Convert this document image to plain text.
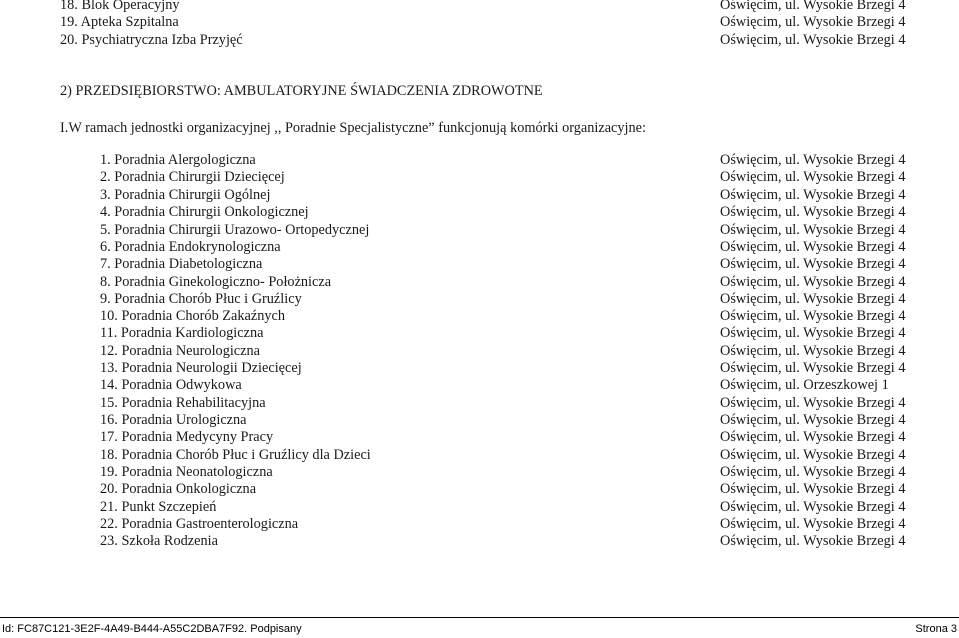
18. Blok Operacyjny	Oświęcim, ul. Wysokie Brzegi 4
19. Apteka Szpitalna	Oświęcim, ul. Wysokie Brzegi 4
20. Psychiatryczna Izba Przyjęć	Oświęcim, ul. Wysokie Brzegi 4
2) PRZEDSIĘBIORSTWO: AMBULATORYJNE ŚWIADCZENIA ZDROWOTNE
I.W ramach jednostki organizacyjnej ,, Poradnie Specjalistyczne” funkcjonują komórki organizacyjne:
1. Poradnia Alergologiczna	Oświęcim, ul. Wysokie Brzegi 4
2. Poradnia Chirurgii Dziecięcej	Oświęcim, ul. Wysokie Brzegi 4
3. Poradnia Chirurgii Ogólnej	Oświęcim, ul. Wysokie Brzegi 4
4. Poradnia Chirurgii Onkologicznej	Oświęcim, ul. Wysokie Brzegi 4
5. Poradnia Chirurgii Urazowo- Ortopedycznej	Oświęcim, ul. Wysokie Brzegi 4
6. Poradnia Endokrynologiczna	Oświęcim, ul. Wysokie Brzegi 4
7. Poradnia Diabetologiczna	Oświęcim, ul. Wysokie Brzegi 4
8. Poradnia Ginekologiczno- Położnicza	Oświęcim, ul. Wysokie Brzegi 4
9. Poradnia Chorób Płuc i Gruźlicy	Oświęcim, ul. Wysokie Brzegi 4
10. Poradnia Chorób Zakaźnych	Oświęcim, ul. Wysokie Brzegi 4
11. Poradnia Kardiologiczna	Oświęcim, ul. Wysokie Brzegi 4
12. Poradnia Neurologiczna	Oświęcim, ul. Wysokie Brzegi 4
13. Poradnia Neurologii Dziecięcej	Oświęcim, ul. Wysokie Brzegi 4
14. Poradnia Odwykowa	Oświęcim, ul. Orzeszkowej 1
15. Poradnia Rehabilitacyjna	Oświęcim, ul. Wysokie Brzegi 4
16. Poradnia Urologiczna	Oświęcim, ul. Wysokie Brzegi 4
17. Poradnia Medycyny Pracy	Oświęcim, ul. Wysokie Brzegi 4
18. Poradnia Chorób Płuc i Gruźlicy dla Dzieci	Oświęcim, ul. Wysokie Brzegi 4
19. Poradnia Neonatologiczna	Oświęcim, ul. Wysokie Brzegi 4
20. Poradnia Onkologiczna	Oświęcim, ul. Wysokie Brzegi 4
21. Punkt Szczepień	Oświęcim, ul. Wysokie Brzegi 4
22. Poradnia Gastroenterologiczna	Oświęcim, ul. Wysokie Brzegi 4
23. Szkoła Rodzenia	Oświęcim, ul. Wysokie Brzegi 4
Id: FC87C121-3E2F-4A49-B444-A55C2DBA7F92. Podpisany	Strona 3
